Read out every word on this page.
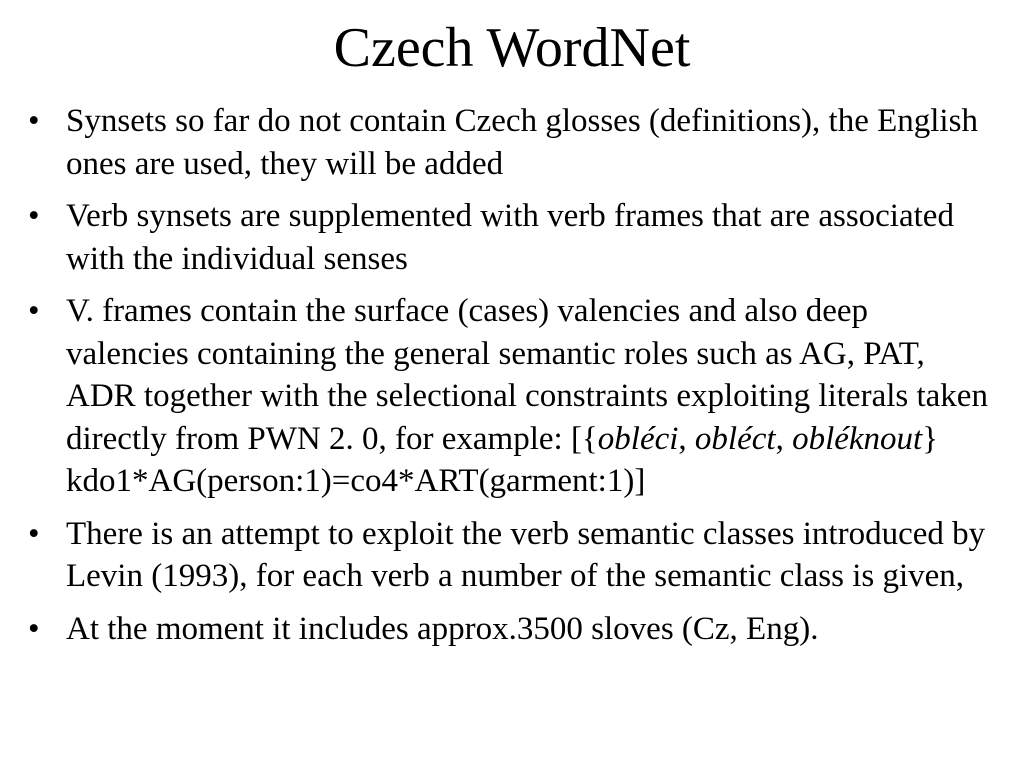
Czech WordNet
• Synsets so far do not contain Czech glosses (definitions), the English ones are used, they will be added
• Verb synsets are supplemented with verb frames that are associated with the individual senses
• V. frames contain the surface (cases) valencies and also deep valencies containing the general semantic roles such as AG, PAT, ADR together with the selectional constraints exploiting literals taken directly from PWN 2. 0, for example: [{obléci, obléct, obléknout} kdo1*AG(person:1)=co4*ART(garment:1)]
• There is an attempt to exploit the verb semantic classes introduced by Levin (1993), for each verb a number of the semantic class is given,
• At the moment it includes approx.3500 sloves (Cz, Eng).
